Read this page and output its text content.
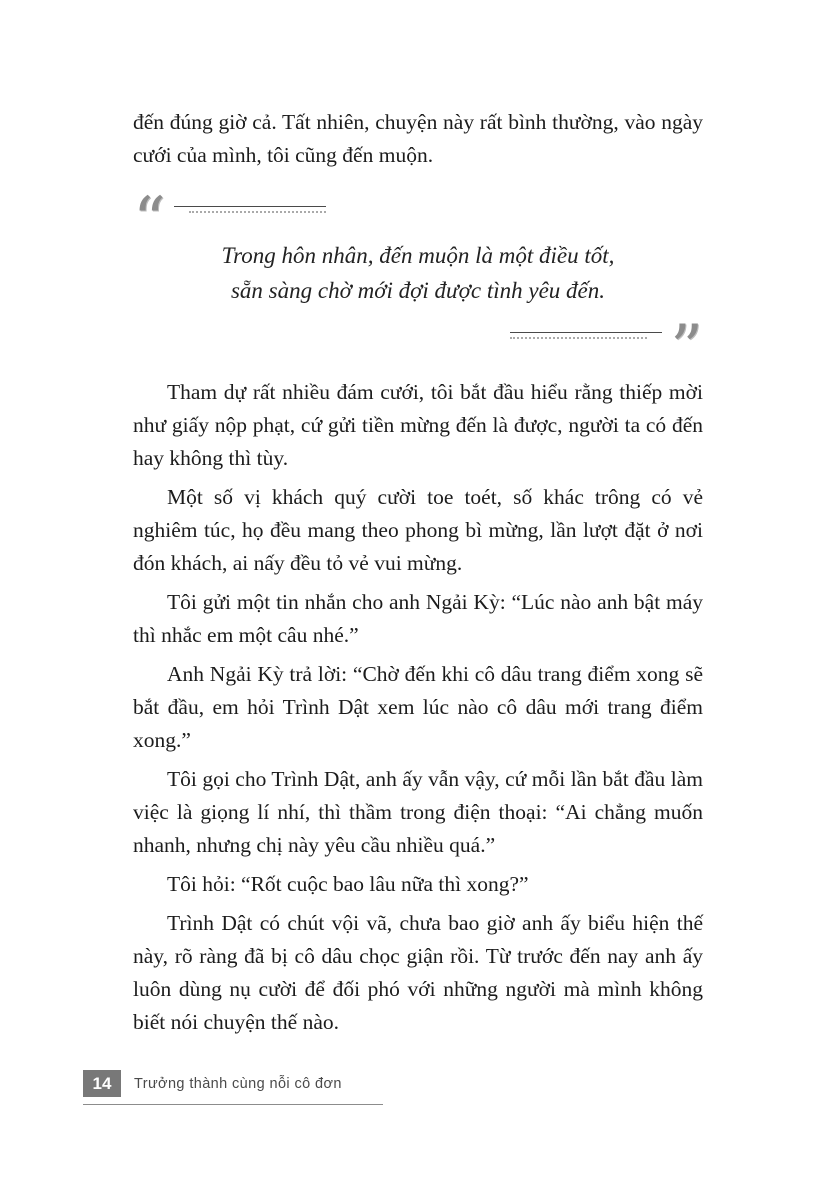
đến đúng giờ cả. Tất nhiên, chuyện này rất bình thường, vào ngày cưới của mình, tôi cũng đến muộn.

“	Trong hôn nhân, đến muộn là một điều tốt,
sẵn sàng chờ mới đợi được tình yêu đến.
”

Tham dự rất nhiều đám cưới, tôi bắt đầu hiểu rằng thiếp mời như giấy nộp phạt, cứ gửi tiền mừng đến là được, người ta có đến hay không thì tùy.

Một số vị khách quý cười toe toét, số khác trông có vẻ nghiêm túc, họ đều mang theo phong bì mừng, lần lượt đặt ở nơi đón khách, ai nấy đều tỏ vẻ vui mừng.

Tôi gửi một tin nhắn cho anh Ngải Kỳ: “Lúc nào anh bật máy thì nhắc em một câu nhé.”

Anh Ngải Kỳ trả lời: “Chờ đến khi cô dâu trang điểm xong sẽ bắt đầu, em hỏi Trình Dật xem lúc nào cô dâu mới trang điểm xong.”

Tôi gọi cho Trình Dật, anh ấy vẫn vậy, cứ mỗi lần bắt đầu làm việc là giọng lí nhí, thì thầm trong điện thoại: “Ai chẳng muốn nhanh, nhưng chị này yêu cầu nhiều quá.”

Tôi hỏi: “Rốt cuộc bao lâu nữa thì xong?”

Trình Dật có chút vội vã, chưa bao giờ anh ấy biểu hiện thế này, rõ ràng đã bị cô dâu chọc giận rồi. Từ trước đến nay anh ấy luôn dùng nụ cười để đối phó với những người mà mình không biết nói chuyện thế nào.

14	Trưởng thành cùng nỗi cô đơn
